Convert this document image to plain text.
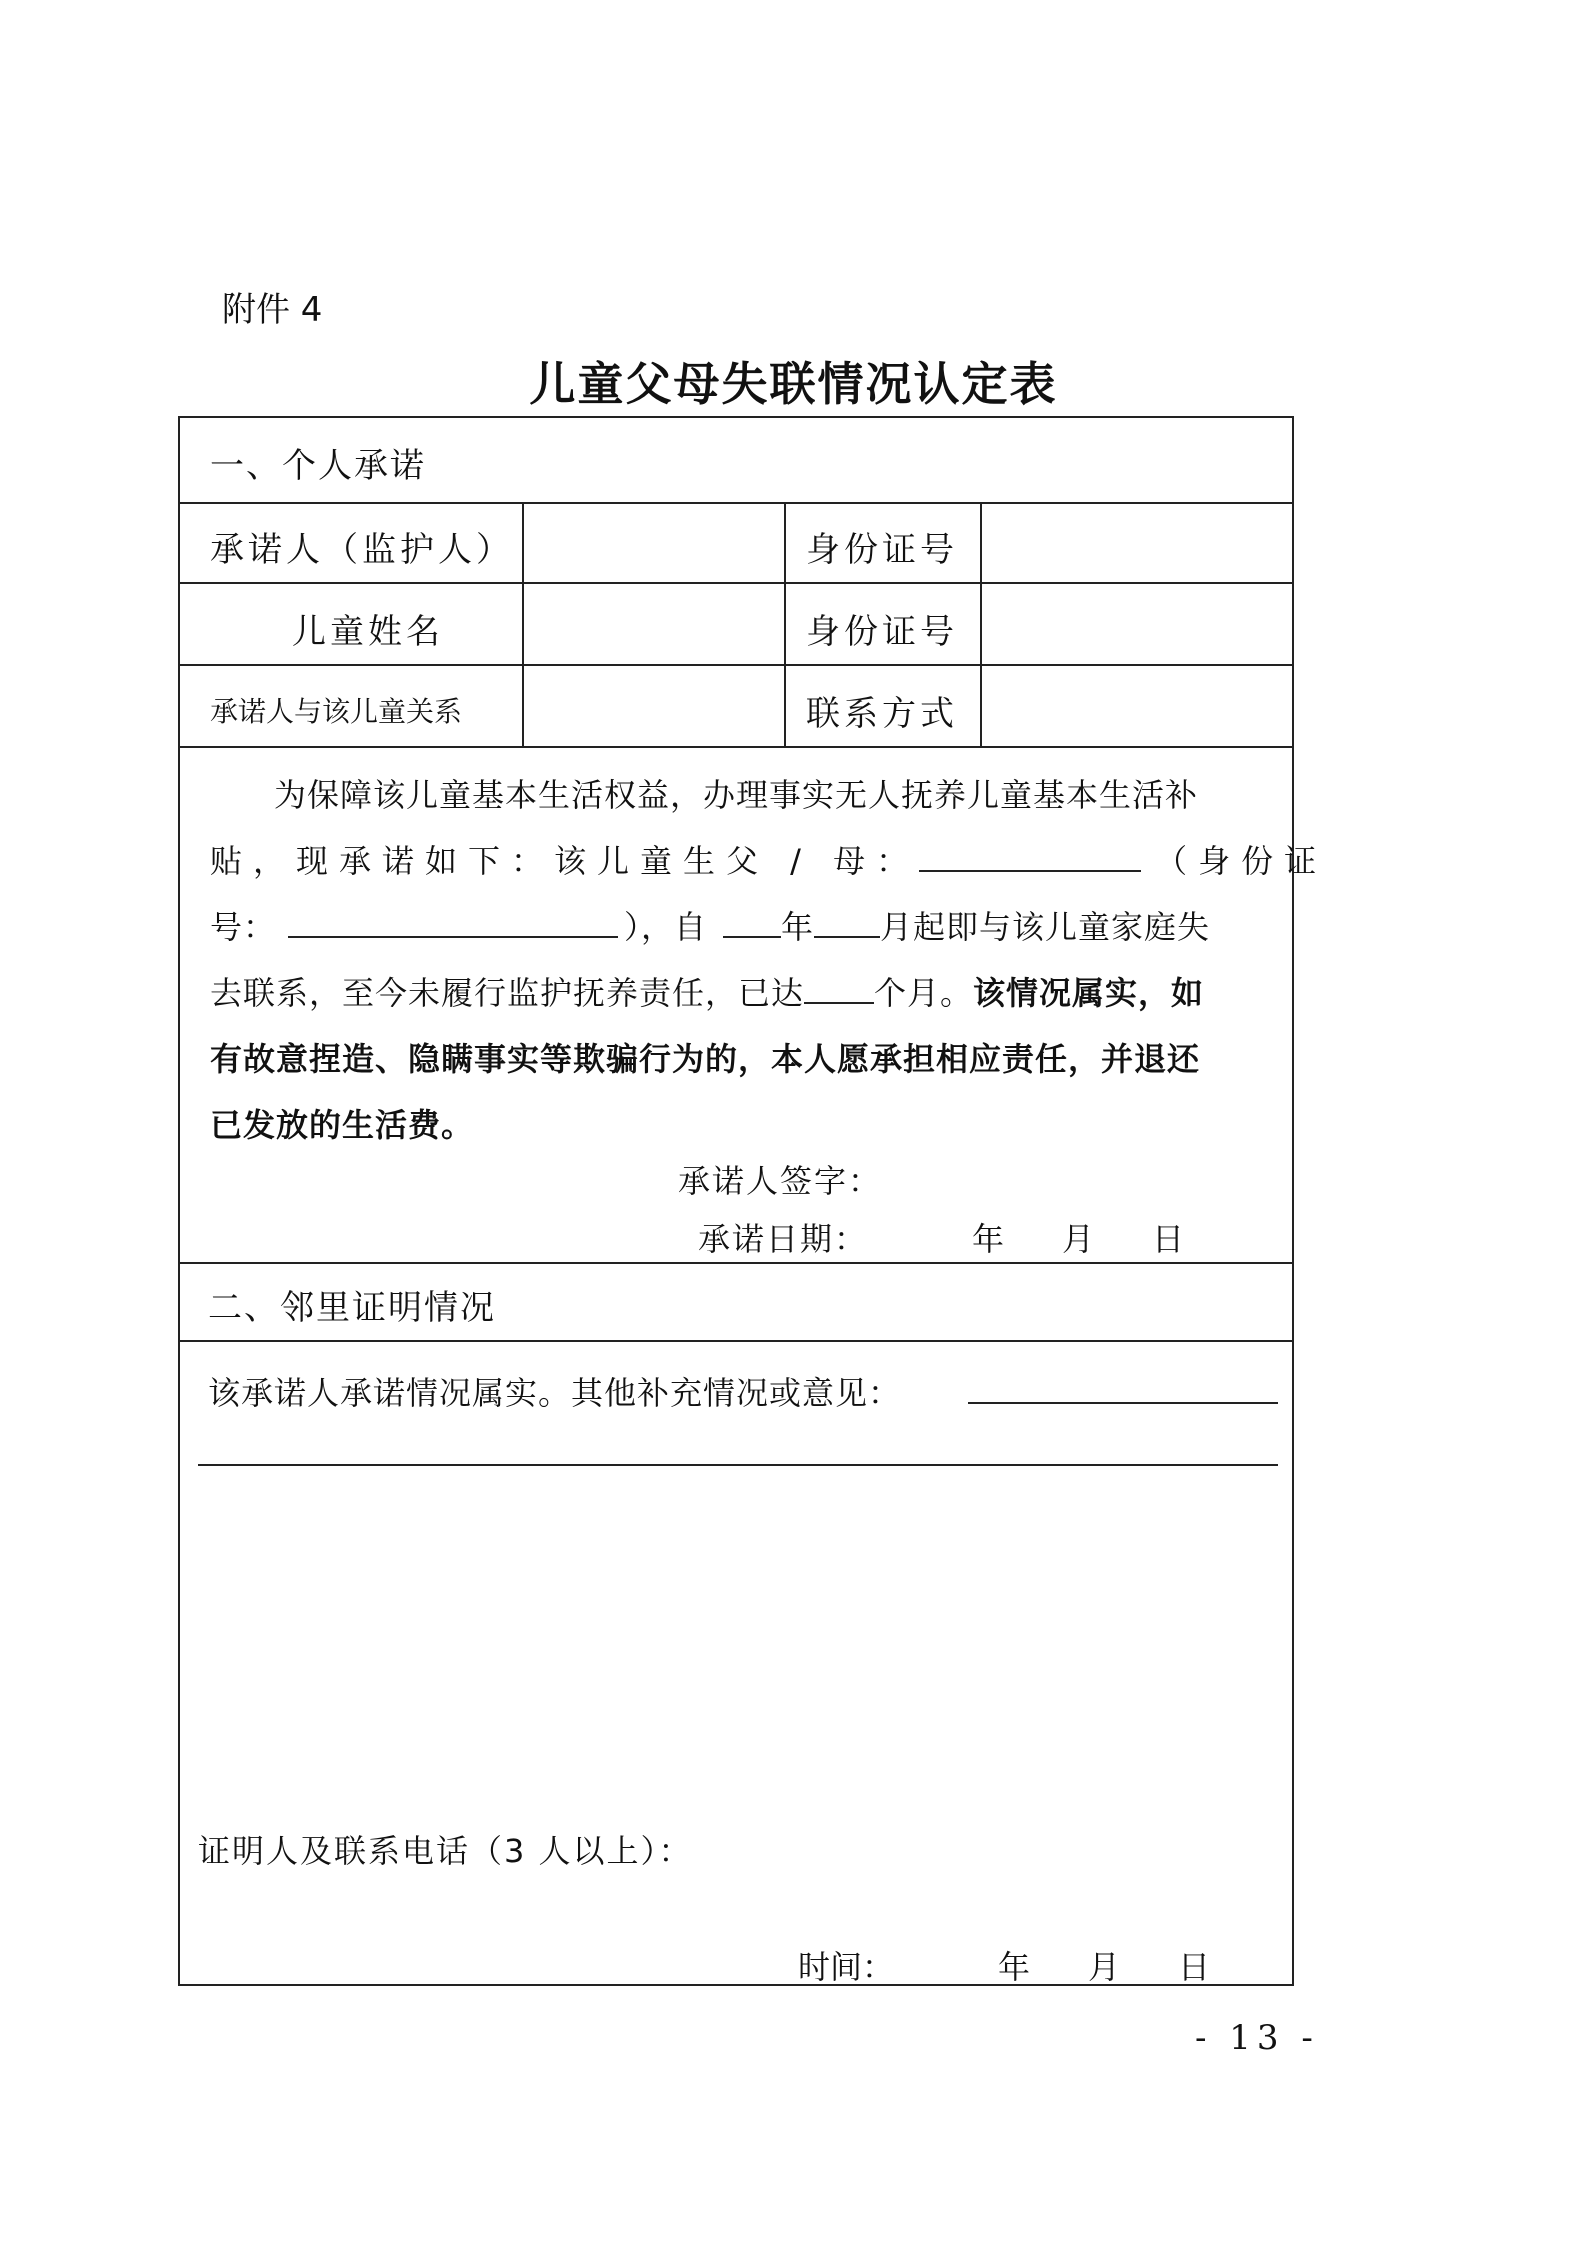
附件 4
儿童父母失联情况认定表
一、个人承诺
承诺人（监护人）	身份证号
儿童姓名	身份证号
承诺人与该儿童关系	联系方式

为保障该儿童基本生活权益，办理事实无人抚养儿童基本生活补

贴，现承诺如下：该儿童生父 / 母：	（身份证

号：	），自 年 月起即与该儿童家庭失

去联系，至今未履行监护抚养责任，已达 个月。该情况属实，如

有故意捏造、隐瞒事实等欺骗行为的，本人愿承担相应责任，并退还

已发放的生活费。

承诺人签字：
承诺日期：	年 月 日
二、邻里证明情况
该承诺人承诺情况属实。其他补充情况或意见：
证明人及联系电话（3 人以上）：
时间：	年 月 日
- 13 -
